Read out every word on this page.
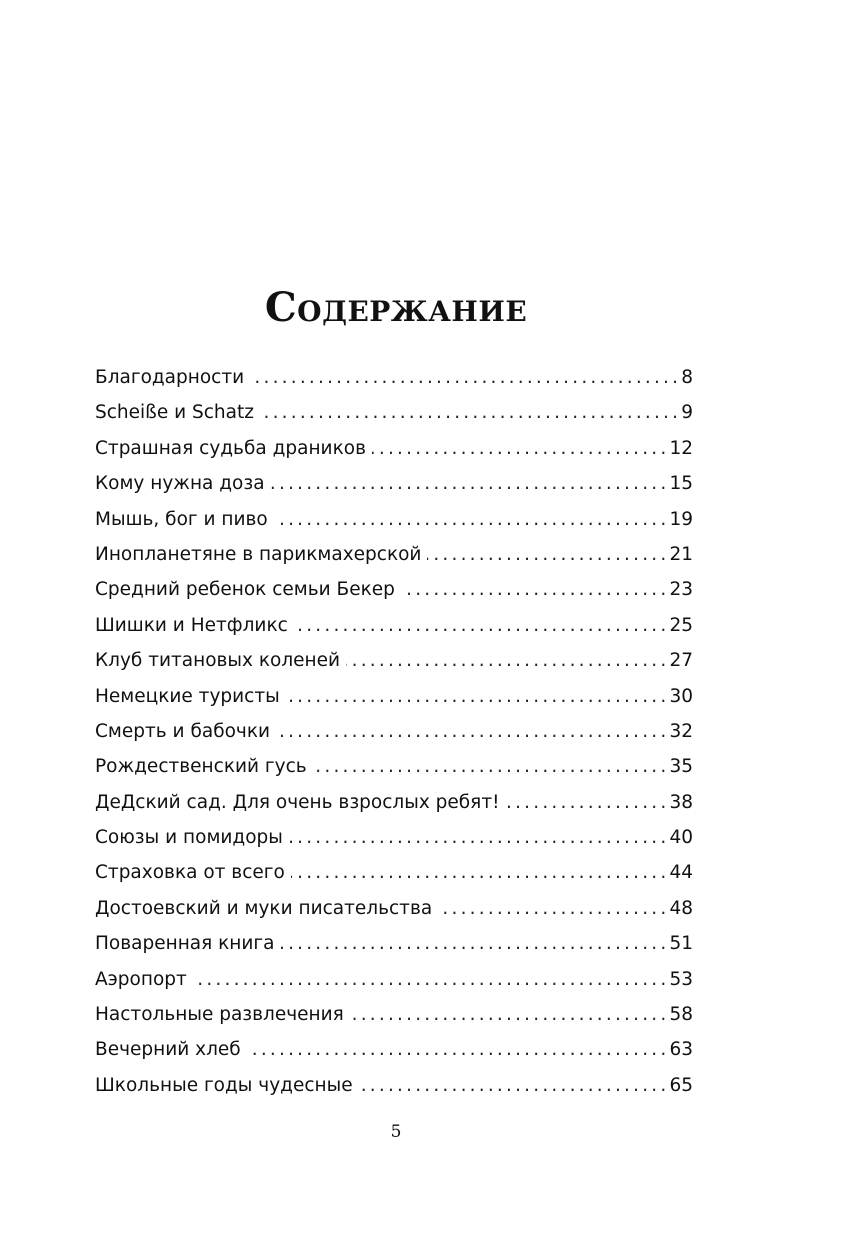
Содержание
Благодарности .....	8
Scheiße и Schatz .....	9
Страшная судьба драников .....	12
Кому нужна доза .....	15
Мышь, бог и пиво .....	19
Инопланетяне в парикмахерской .....	21
Средний ребенок семьи Бекер .....	23
Шишки и Нетфликс .....	25
Клуб титановых коленей .....	27
Немецкие туристы .....	30
Смерть и бабочки .....	32
Рождественский гусь .....	35
ДеДский сад. Для очень взрослых ребят! .....	38
Союзы и помидоры .....	40
Страховка от всего .....	44
Достоевский и муки писательства .....	48
Поваренная книга .....	51
Аэропорт .....	53
Настольные развлечения .....	58
Вечерний хлеб .....	63
Школьные годы чудесные .....	65

5
